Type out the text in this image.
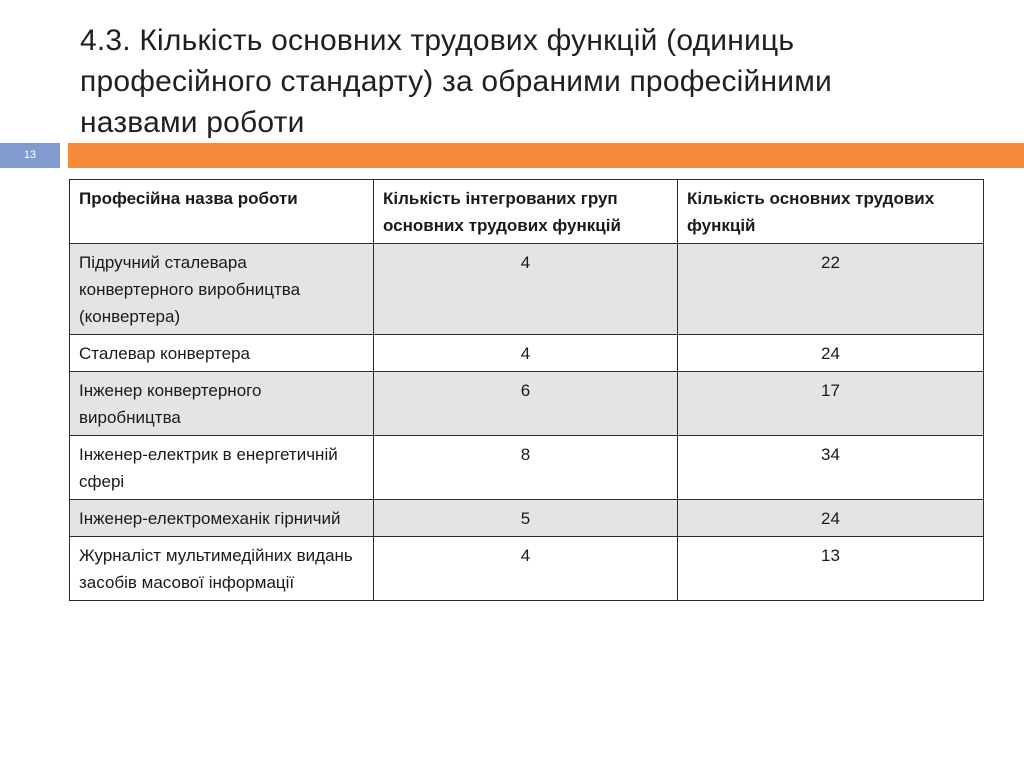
4.3. Кількість основних трудових функцій (одиниць професійного стандарту) за обраними професійними назвами роботи
13
Професійна назва роботи	Кількість інтегрованих груп основних трудових функцій	Кількість основних трудових функцій
Підручний сталевара конвертерного виробництва (конвертера)	4	22
Сталевар конвертера	4	24
Інженер конвертерного виробництва	6	17
Інженер-електрик в енергетичній сфері	8	34
Інженер-електромеханік гірничий	5	24
Журналіст мультимедійних видань засобів масової інформації	4	13
